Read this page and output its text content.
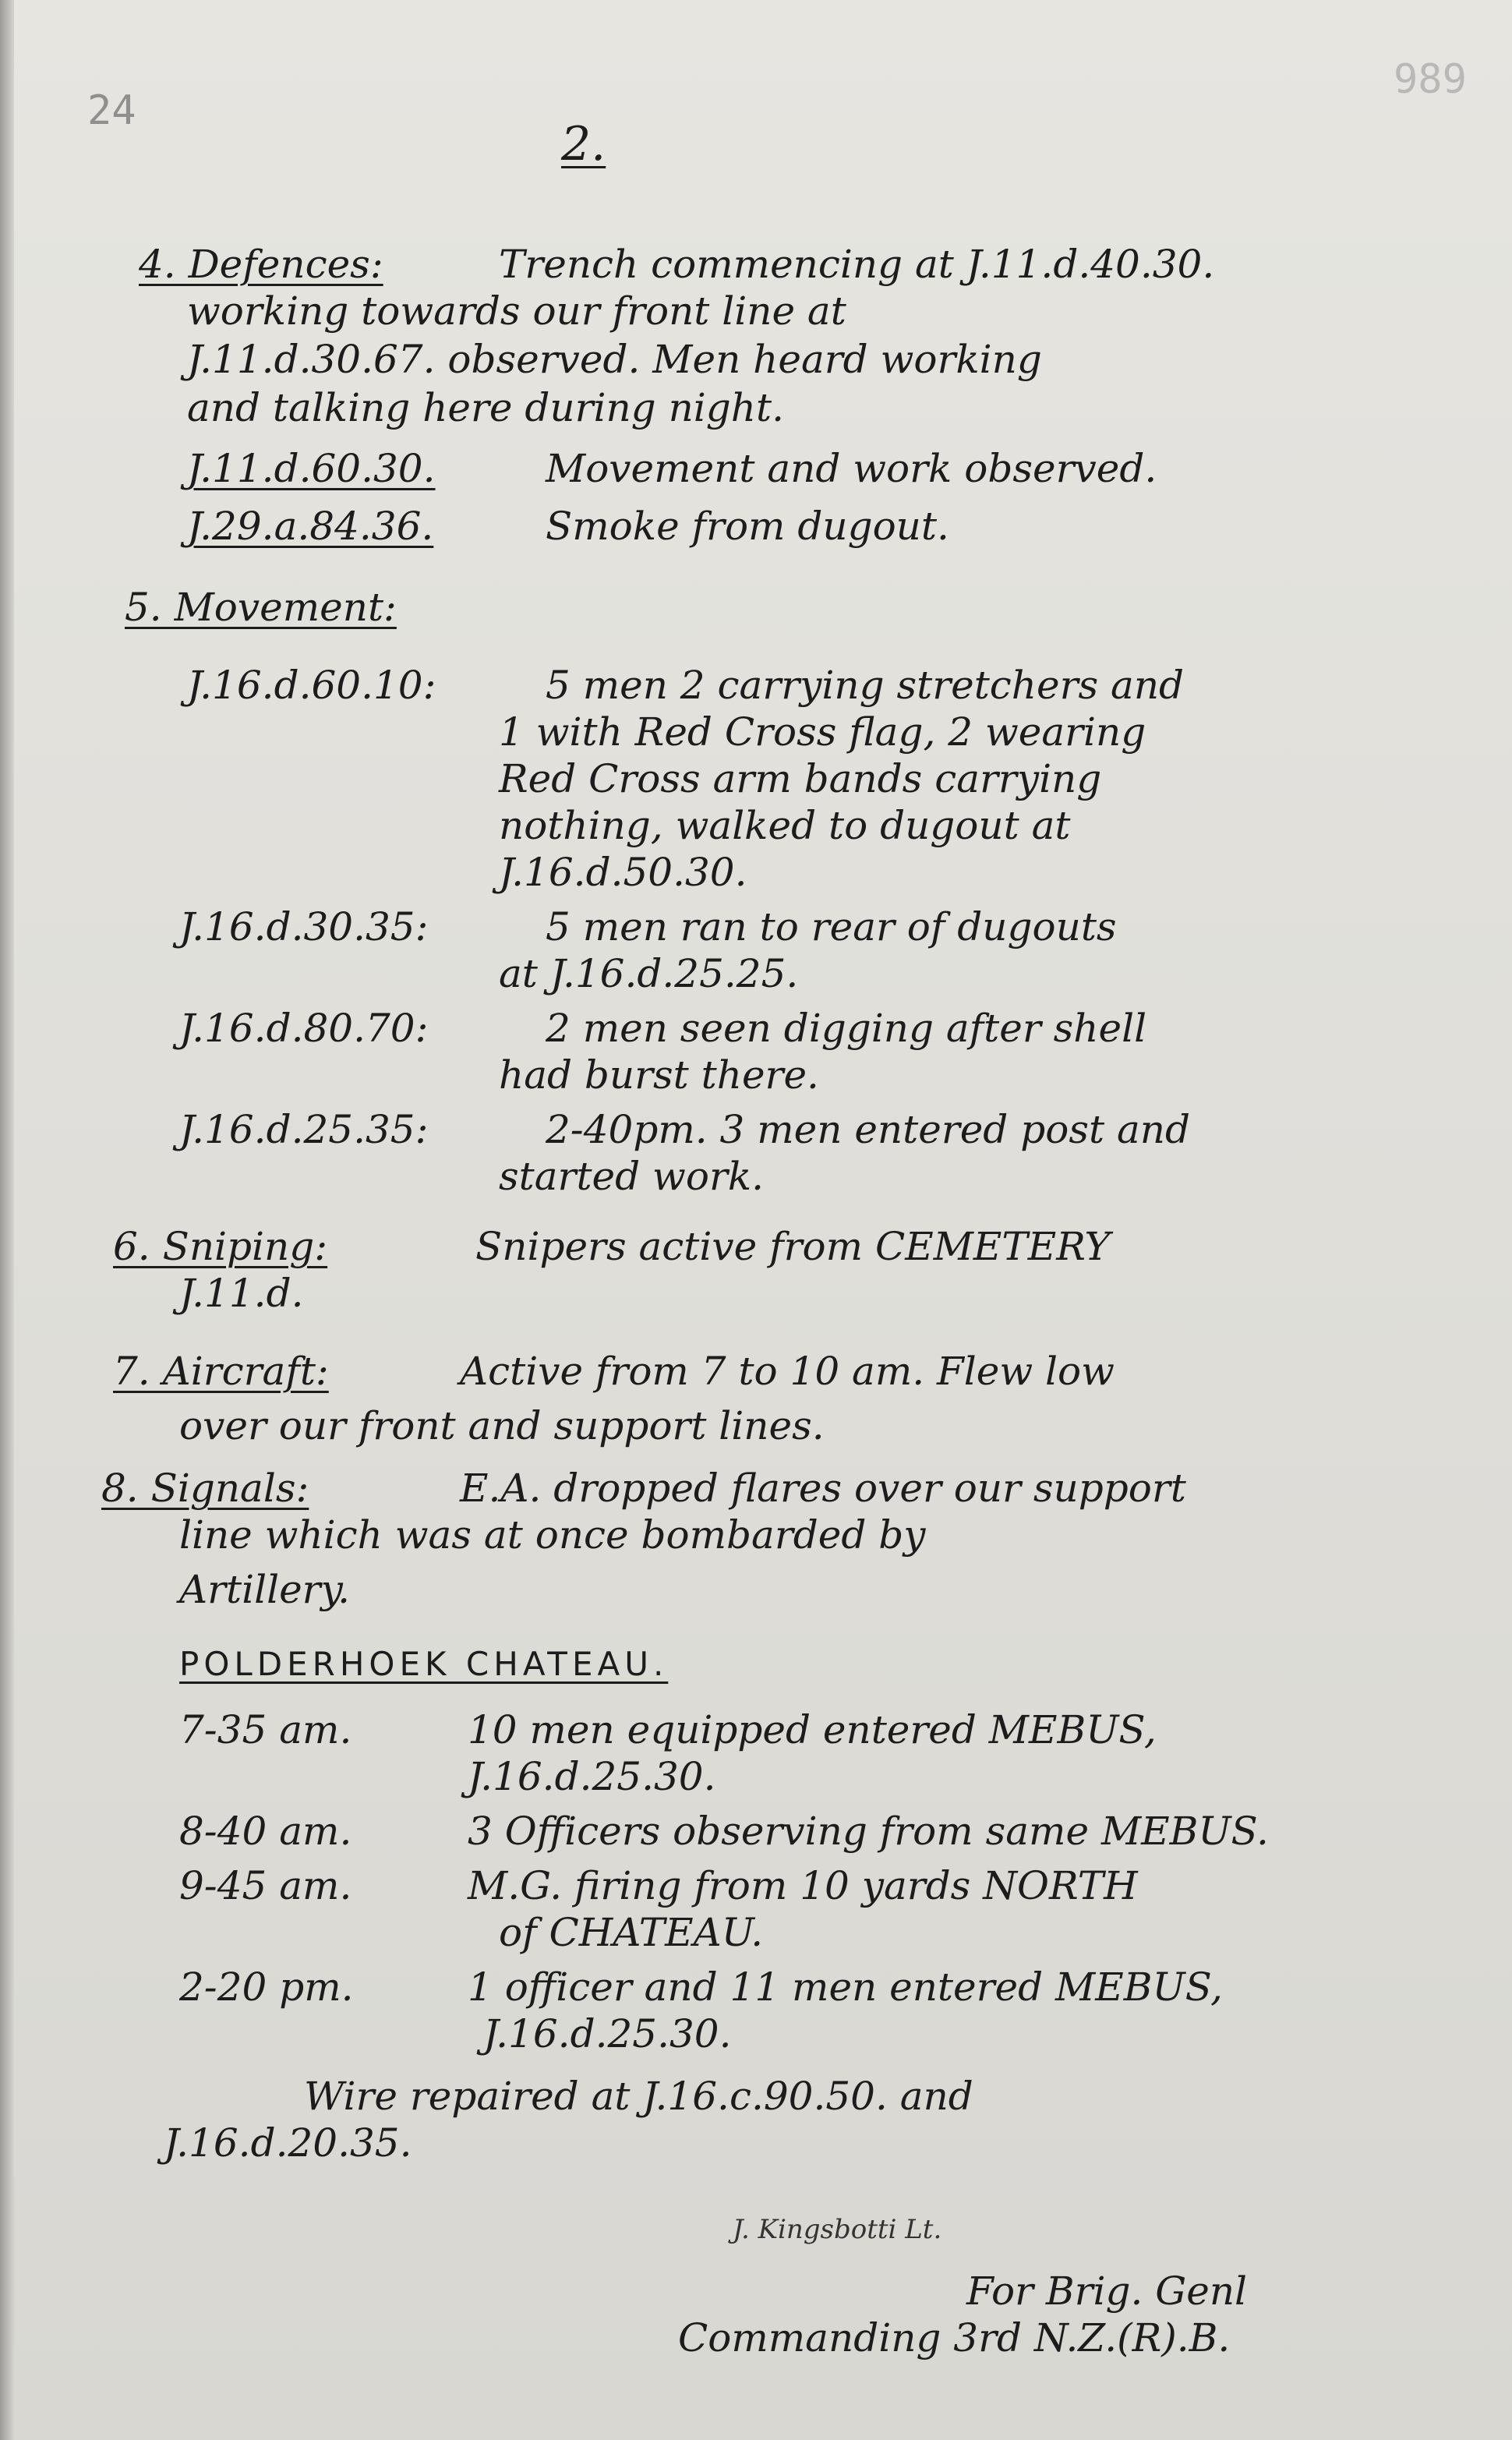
24
989
2.
4. Defences:	Trench commencing at J.11.d.40.30.
working towards our front line at
J.11.d.30.67. observed. Men heard working
and talking here during night.
J.11.d.60.30.	Movement and work observed.
J.29.a.84.36.	Smoke from dugout.
5. Movement:
J.16.d.60.10:	5 men 2 carrying stretchers and
1 with Red Cross flag, 2 wearing
Red Cross arm bands carrying
nothing, walked to dugout at
J.16.d.50.30.
J.16.d.30.35:	5 men ran to rear of dugouts
at J.16.d.25.25.
J.16.d.80.70:	2 men seen digging after shell
had burst there.
J.16.d.25.35:	2-40pm. 3 men entered post and
started work.
6. Sniping:	Snipers active from CEMETERY
J.11.d.
7. Aircraft:	Active from 7 to 10 am. Flew low
over our front and support lines.
8. Signals:	E.A. dropped flares over our support
line which was at once bombarded by
Artillery.
POLDERHOEK CHATEAU.
7-35 am.	10 men equipped entered MEBUS,
J.16.d.25.30.
8-40 am.	3 Officers observing from same MEBUS.
9-45 am.	M.G. firing from 10 yards NORTH
of CHATEAU.
2-20 pm.	1 officer and 11 men entered MEBUS,
J.16.d.25.30.
Wire repaired at J.16.c.90.50. and
J.16.d.20.35.
J. Kingsbotti Lt.
For Brig. Genl
Commanding 3rd N.Z.(R).B.
